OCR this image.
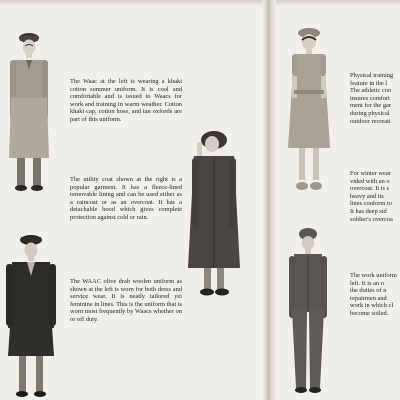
The Waac at the left is wearing a khaki cotton summer uniform. It is cool and comfortable and is issued to Waacs for work and training in warm weather. Cotton khaki cap, cotton hose, and tan oxfords are part of this uniform.

The utility coat shown at the right is a popular garment. It has a fleece-lined removable lining and can be used either as a raincoat or as an overcoat. It has a detachable hood which gives complete protection against cold or rain.

The WAAC olive drab woolen uniform as shown at the left is worn for both dress and service wear. It is neatly tailored yet feminine in lines. This is the uniform that is worn most frequently by Waacs whether on or off duty.

Physical training
feature in the l
The athletic coo
insures comfort
ment for the gar
during physical
outdoor recreati

For winter wear
vided with an o
overcoat. It is s
heavy and its
lines conform to
It has deep sid
soldier's overcoa

The work uniform
left. It is an o
the duties of n
repairmen and
work in which cl
become soiled.
